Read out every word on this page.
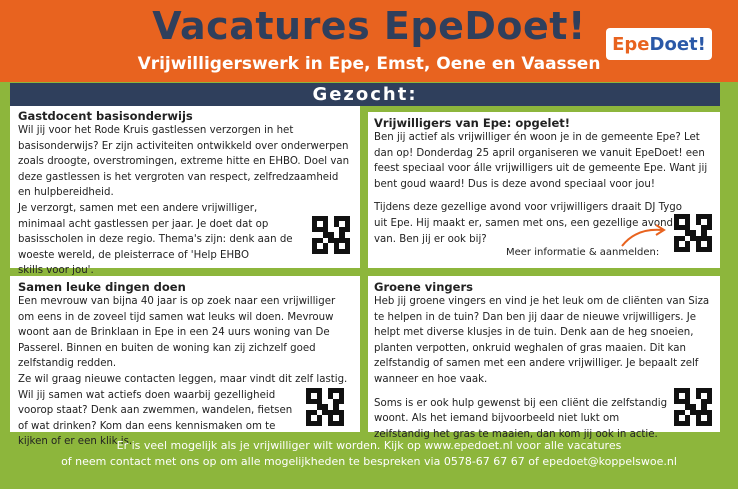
Vacatures EpeDoet!
Vrijwilligerswerk in Epe, Emst, Oene en Vaassen
Epe Doet!
Gezocht:
Gastdocent basisonderwijs

Wil jij voor het Rode Kruis gastlessen verzorgen in het

basisonderwijs? Er zijn activiteiten ontwikkeld over onderwerpen

zoals droogte, overstromingen, extreme hitte en EHBO. Doel van

deze gastlessen is het vergroten van respect, zelfredzaamheid

en hulpbereidheid.

Je verzorgt, samen met een andere vrijwilliger,

minimaal acht gastlessen per jaar. Je doet dat op

basisscholen in deze regio. Thema's zijn: denk aan de

woeste wereld, de pleisterrace of 'Help EHBO

skills voor jou'.

Vrijwilligers van Epe: opgelet!

Ben jij actief als vrijwilliger én woon je in de gemeente Epe? Let

dan op! Donderdag 25 april organiseren we vanuit EpeDoet! een

feest speciaal voor álle vrijwilligers uit de gemeente Epe. Want jij

bent goud waard! Dus is deze avond speciaal voor jou!

Tijdens deze gezellige avond voor vrijwilligers draait DJ Tygo

uit Epe. Hij maakt er, samen met ons, een gezellige avond

van. Ben jij er ook bij?

Meer informatie & aanmelden:
Samen leuke dingen doen

Een mevrouw van bijna 40 jaar is op zoek naar een vrijwilliger

om eens in de zoveel tijd samen wat leuks wil doen. Mevrouw

woont aan de Brinklaan in Epe in een 24 uurs woning van De

Passerel. Binnen en buiten de woning kan zij zichzelf goed

zelfstandig redden.

Ze wil graag nieuwe contacten leggen, maar vindt dit zelf lastig.

Wil jij samen wat actiefs doen waarbij gezelligheid

voorop staat? Denk aan zwemmen, wandelen, fietsen

of wat drinken? Kom dan eens kennismaken om te

kijken of er een klik is.

Groene vingers

Heb jij groene vingers en vind je het leuk om de cliënten van Siza

te helpen in de tuin? Dan ben jij daar de nieuwe vrijwilligers. Je

helpt met diverse klusjes in de tuin. Denk aan de heg snoeien,

planten verpotten, onkruid weghalen of gras maaien. Dit kan

zelfstandig of samen met een andere vrijwilliger. Je bepaalt zelf

wanneer en hoe vaak.

Soms is er ook hulp gewenst bij een cliënt die zelfstandig

woont. Als het iemand bijvoorbeeld niet lukt om

zelfstandig het gras te maaien, dan kom jij ook in actie.

Er is veel mogelijk als je vrijwilliger wilt worden. Kijk op www.epedoet.nl voor alle vacatures
of neem contact met ons op om alle mogelijkheden te bespreken via 0578-67 67 67 of epedoet@koppelswoe.nl
